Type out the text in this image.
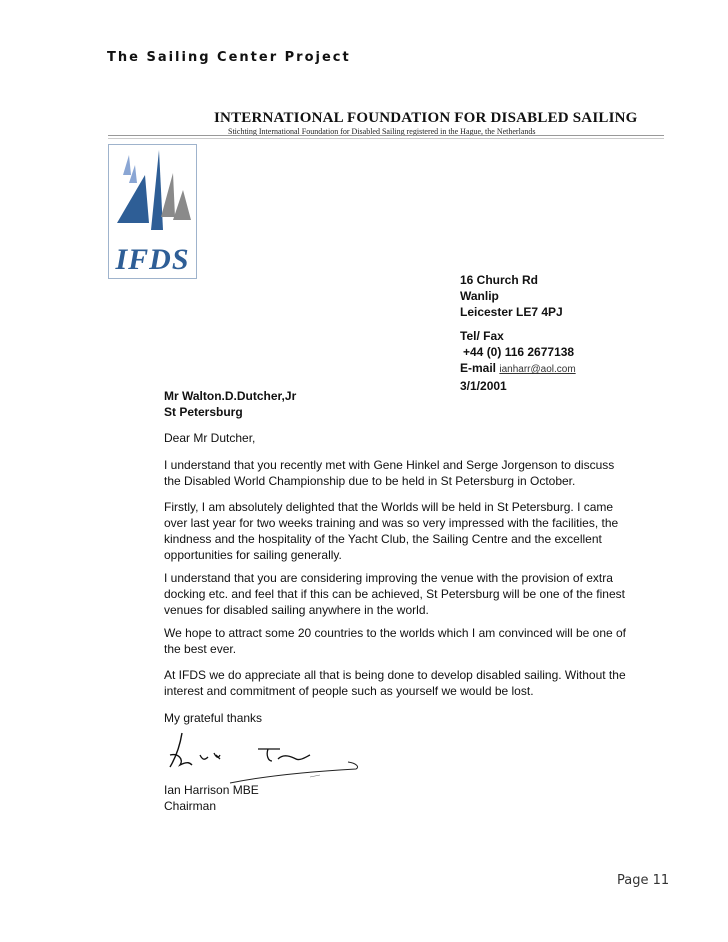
The Sailing Center Project
INTERNATIONAL FOUNDATION FOR DISABLED SAILING
Stichting International Foundation for Disabled Sailing registered in the Hague, the Netherlands
IFDS
16 Church Rd
Wanlip
Leicester LE7 4PJ
Tel/ Fax
+44 (0) 116 2677138
E-mail ianharr@aol.com
3/1/2001
Mr Walton.D.Dutcher,Jr
St Petersburg
Dear Mr Dutcher,
I understand that you recently met with Gene Hinkel and Serge Jorgenson to discuss the Disabled World Championship due to be held in St Petersburg in October.
Firstly, I am absolutely delighted that the Worlds will be held in St Petersburg. I came over last year for two weeks training and was so very impressed with the facilities, the kindness and the hospitality of the Yacht Club, the Sailing Centre and the excellent opportunities for sailing generally.
I understand that you are considering improving the venue with the provision of extra docking etc. and feel that if this can be achieved, St Petersburg will be one of the finest venues for disabled sailing anywhere in the world.
We hope to attract some 20 countries to the worlds which I am convinced will be one of the best ever.
At IFDS we do appreciate all that is being done to develop disabled sailing. Without the interest and commitment of people such as yourself we would be lost.
My grateful thanks
Ian Harrison MBE
Chairman
Page 11
